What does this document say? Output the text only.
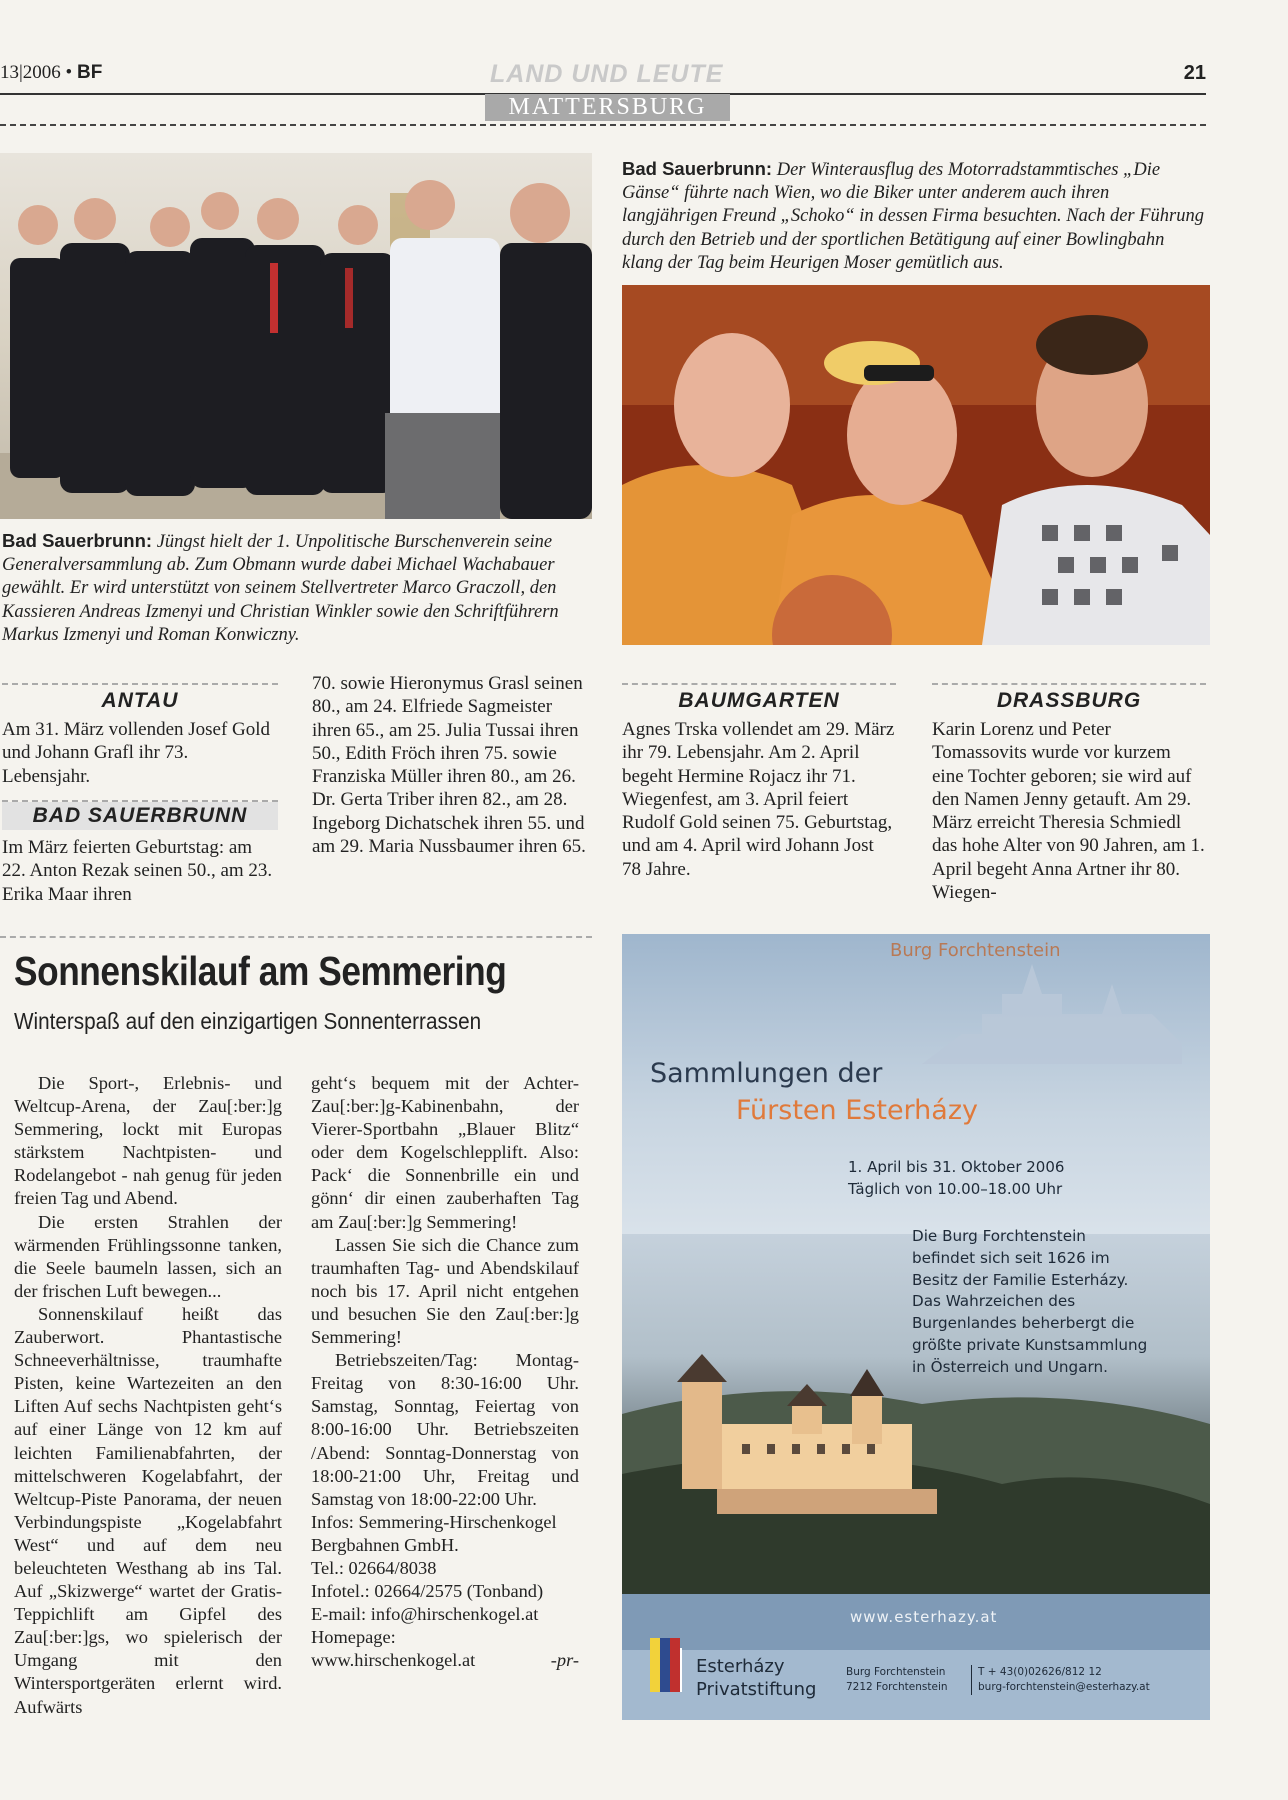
13|2006 • BF	LAND UND LEUTE	21
MATTERSBURG
Bad Sauerbrunn: Jüngst hielt der 1. Unpolitische Burschenverein seine Generalversammlung ab. Zum Obmann wurde dabei Michael Wachabauer gewählt. Er wird unterstützt von seinem Stellvertreter Marco Graczoll, den Kassieren Andreas Izmenyi und Christian Winkler sowie den Schriftführern Markus Izmenyi und Roman Konwiczny.
Bad Sauerbrunn: Der Winterausflug des Motorradstammtisches „Die Gänse“ führte nach Wien, wo die Biker unter anderem auch ihren langjährigen Freund „Schoko“ in dessen Firma besuchten. Nach der Führung durch den Betrieb und der sportlichen Betätigung auf einer Bowlingbahn klang der Tag beim Heurigen Moser gemütlich aus.
ANTAU
Am 31. März vollenden Josef Gold und Johann Grafl ihr 73. Lebensjahr.
BAD SAUERBRUNN
Im März feierten Geburtstag: am 22. Anton Rezak seinen 50., am 23. Erika Maar ihren
70. sowie Hieronymus Grasl seinen 80., am 24. Elfriede Sagmeister ihren 65., am 25. Julia Tussai ihren 50., Edith Fröch ihren 75. sowie Franziska Müller ihren 80., am 26. Dr. Gerta Triber ihren 82., am 28. Ingeborg Dichatschek ihren 55. und am 29. Maria Nussbaumer ihren 65.
BAUMGARTEN
Agnes Trska vollendet am 29. März ihr 79. Lebensjahr. Am 2. April begeht Hermine Rojacz ihr 71. Wiegenfest, am 3. April feiert Rudolf Gold seinen 75. Geburtstag, und am 4. April wird Johann Jost 78 Jahre.
DRASSBURG
Karin Lorenz und Peter Tomassovits wurde vor kurzem eine Tochter geboren; sie wird auf den Namen Jenny getauft. Am 29. März erreicht Theresia Schmiedl das hohe Alter von 90 Jahren, am 1. April begeht Anna Artner ihr 80. Wiegen-
Sonnenskilauf am Semmering
Winterspaß auf den einzigartigen Sonnenterrassen

Die Sport-, Erlebnis- und Weltcup-Arena, der Zau[:ber:]g Semmering, lockt mit Europas stärkstem Nachtpisten- und Rodelangebot - nah genug für jeden freien Tag und Abend.

Die ersten Strahlen der wärmenden Frühlingssonne tanken, die Seele baumeln lassen, sich an der frischen Luft bewegen...

Sonnenskilauf heißt das Zauberwort. Phantastische Schneeverhältnisse, traumhafte Pisten, keine Wartezeiten an den Liften Auf sechs Nachtpisten geht‘s auf einer Länge von 12 km auf leichten Familienabfahrten, der mittelschweren Kogelabfahrt, der Weltcup-Piste Panorama, der neuen Verbindungspiste „Kogelabfahrt West“ und auf dem neu beleuchteten Westhang ab ins Tal. Auf „Skizwerge“ wartet der Gratis-Teppichlift am Gipfel des Zau[:ber:]gs, wo spielerisch der Umgang mit den Wintersportgeräten erlernt wird. Aufwärts

geht‘s bequem mit der Achter-Zau[:ber:]g-Kabinenbahn, der Vierer-Sportbahn „Blauer Blitz“ oder dem Kogelschlepplift. Also: Pack‘ die Sonnenbrille ein und gönn‘ dir einen zauberhaften Tag am Zau[:ber:]g Semmering!

Lassen Sie sich die Chance zum traumhaften Tag- und Abendskilauf noch bis 17. April nicht entgehen und besuchen Sie den Zau[:ber:]g Semmering!

Betriebszeiten/Tag: Montag-Freitag von 8:30-16:00 Uhr. Samstag, Sonntag, Feiertag von 8:00-16:00 Uhr. Betriebszeiten /Abend: Sonntag-Donnerstag von 18:00-21:00 Uhr, Freitag und Samstag von 18:00-22:00 Uhr.

Infos: Semmering-Hirschenkogel
Bergbahnen GmbH.
Tel.: 02664/8038
Infotel.: 02664/2575 (Tonband)
E-mail: info@hirschenkogel.at
Homepage:
www.hirschenkogel.at	-pr-
Burg Forchtenstein
Sammlungen der
Fürsten Esterházy
1. April bis 31. Oktober 2006
Täglich von 10.00–18.00 Uhr
Die Burg Forchtenstein
befindet sich seit 1626 im
Besitz der Familie Esterházy.
Das Wahrzeichen des
Burgenlandes beherbergt die
größte private Kunstsammlung
in Österreich und Ungarn.
www.esterhazy.at
Esterházy
Privatstiftung
Burg Forchtenstein
7212 Forchtenstein
T + 43(0)02626/812 12
burg-forchtenstein@esterhazy.at
